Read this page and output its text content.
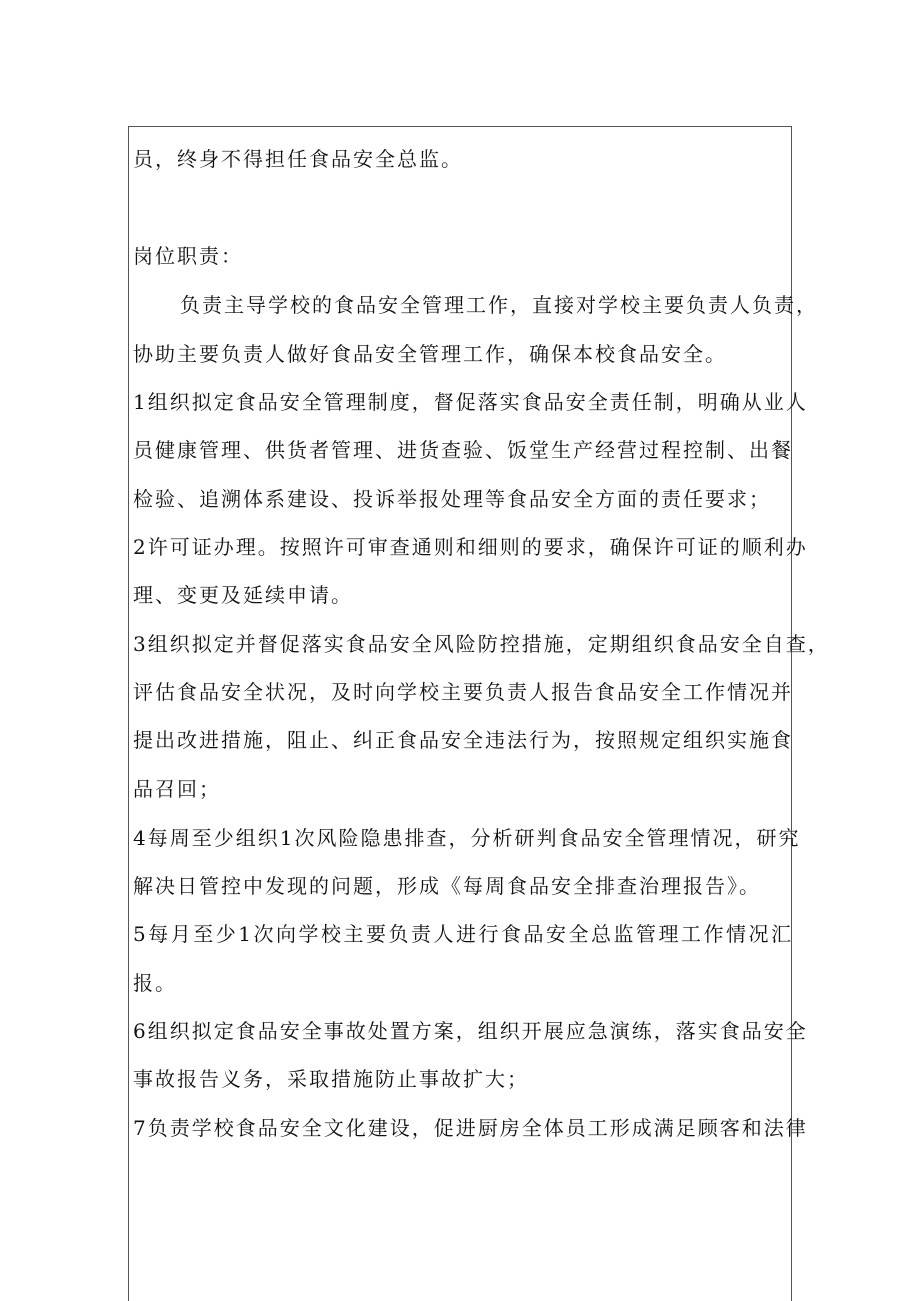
员，终身不得担任食品安全总监。
岗位职责：
负责主导学校的食品安全管理工作，直接对学校主要负责人负责，
协助主要负责人做好食品安全管理工作，确保本校食品安全。
1组织拟定食品安全管理制度，督促落实食品安全责任制，明确从业人
员健康管理、供货者管理、进货查验、饭堂生产经营过程控制、出餐
检验、追溯体系建设、投诉举报处理等食品安全方面的责任要求；
2许可证办理。按照许可审查通则和细则的要求，确保许可证的顺利办
理、变更及延续申请。
3组织拟定并督促落实食品安全风险防控措施，定期组织食品安全自查，
评估食品安全状况，及时向学校主要负责人报告食品安全工作情况并
提出改进措施，阻止、纠正食品安全违法行为，按照规定组织实施食
品召回；
4每周至少组织1次风险隐患排查，分析研判食品安全管理情况，研究
解决日管控中发现的问题，形成《每周食品安全排查治理报告》。
5每月至少1次向学校主要负责人进行食品安全总监管理工作情况汇
报。
6组织拟定食品安全事故处置方案，组织开展应急演练，落实食品安全
事故报告义务，采取措施防止事故扩大；
7负责学校食品安全文化建设，促进厨房全体员工形成满足顾客和法律
